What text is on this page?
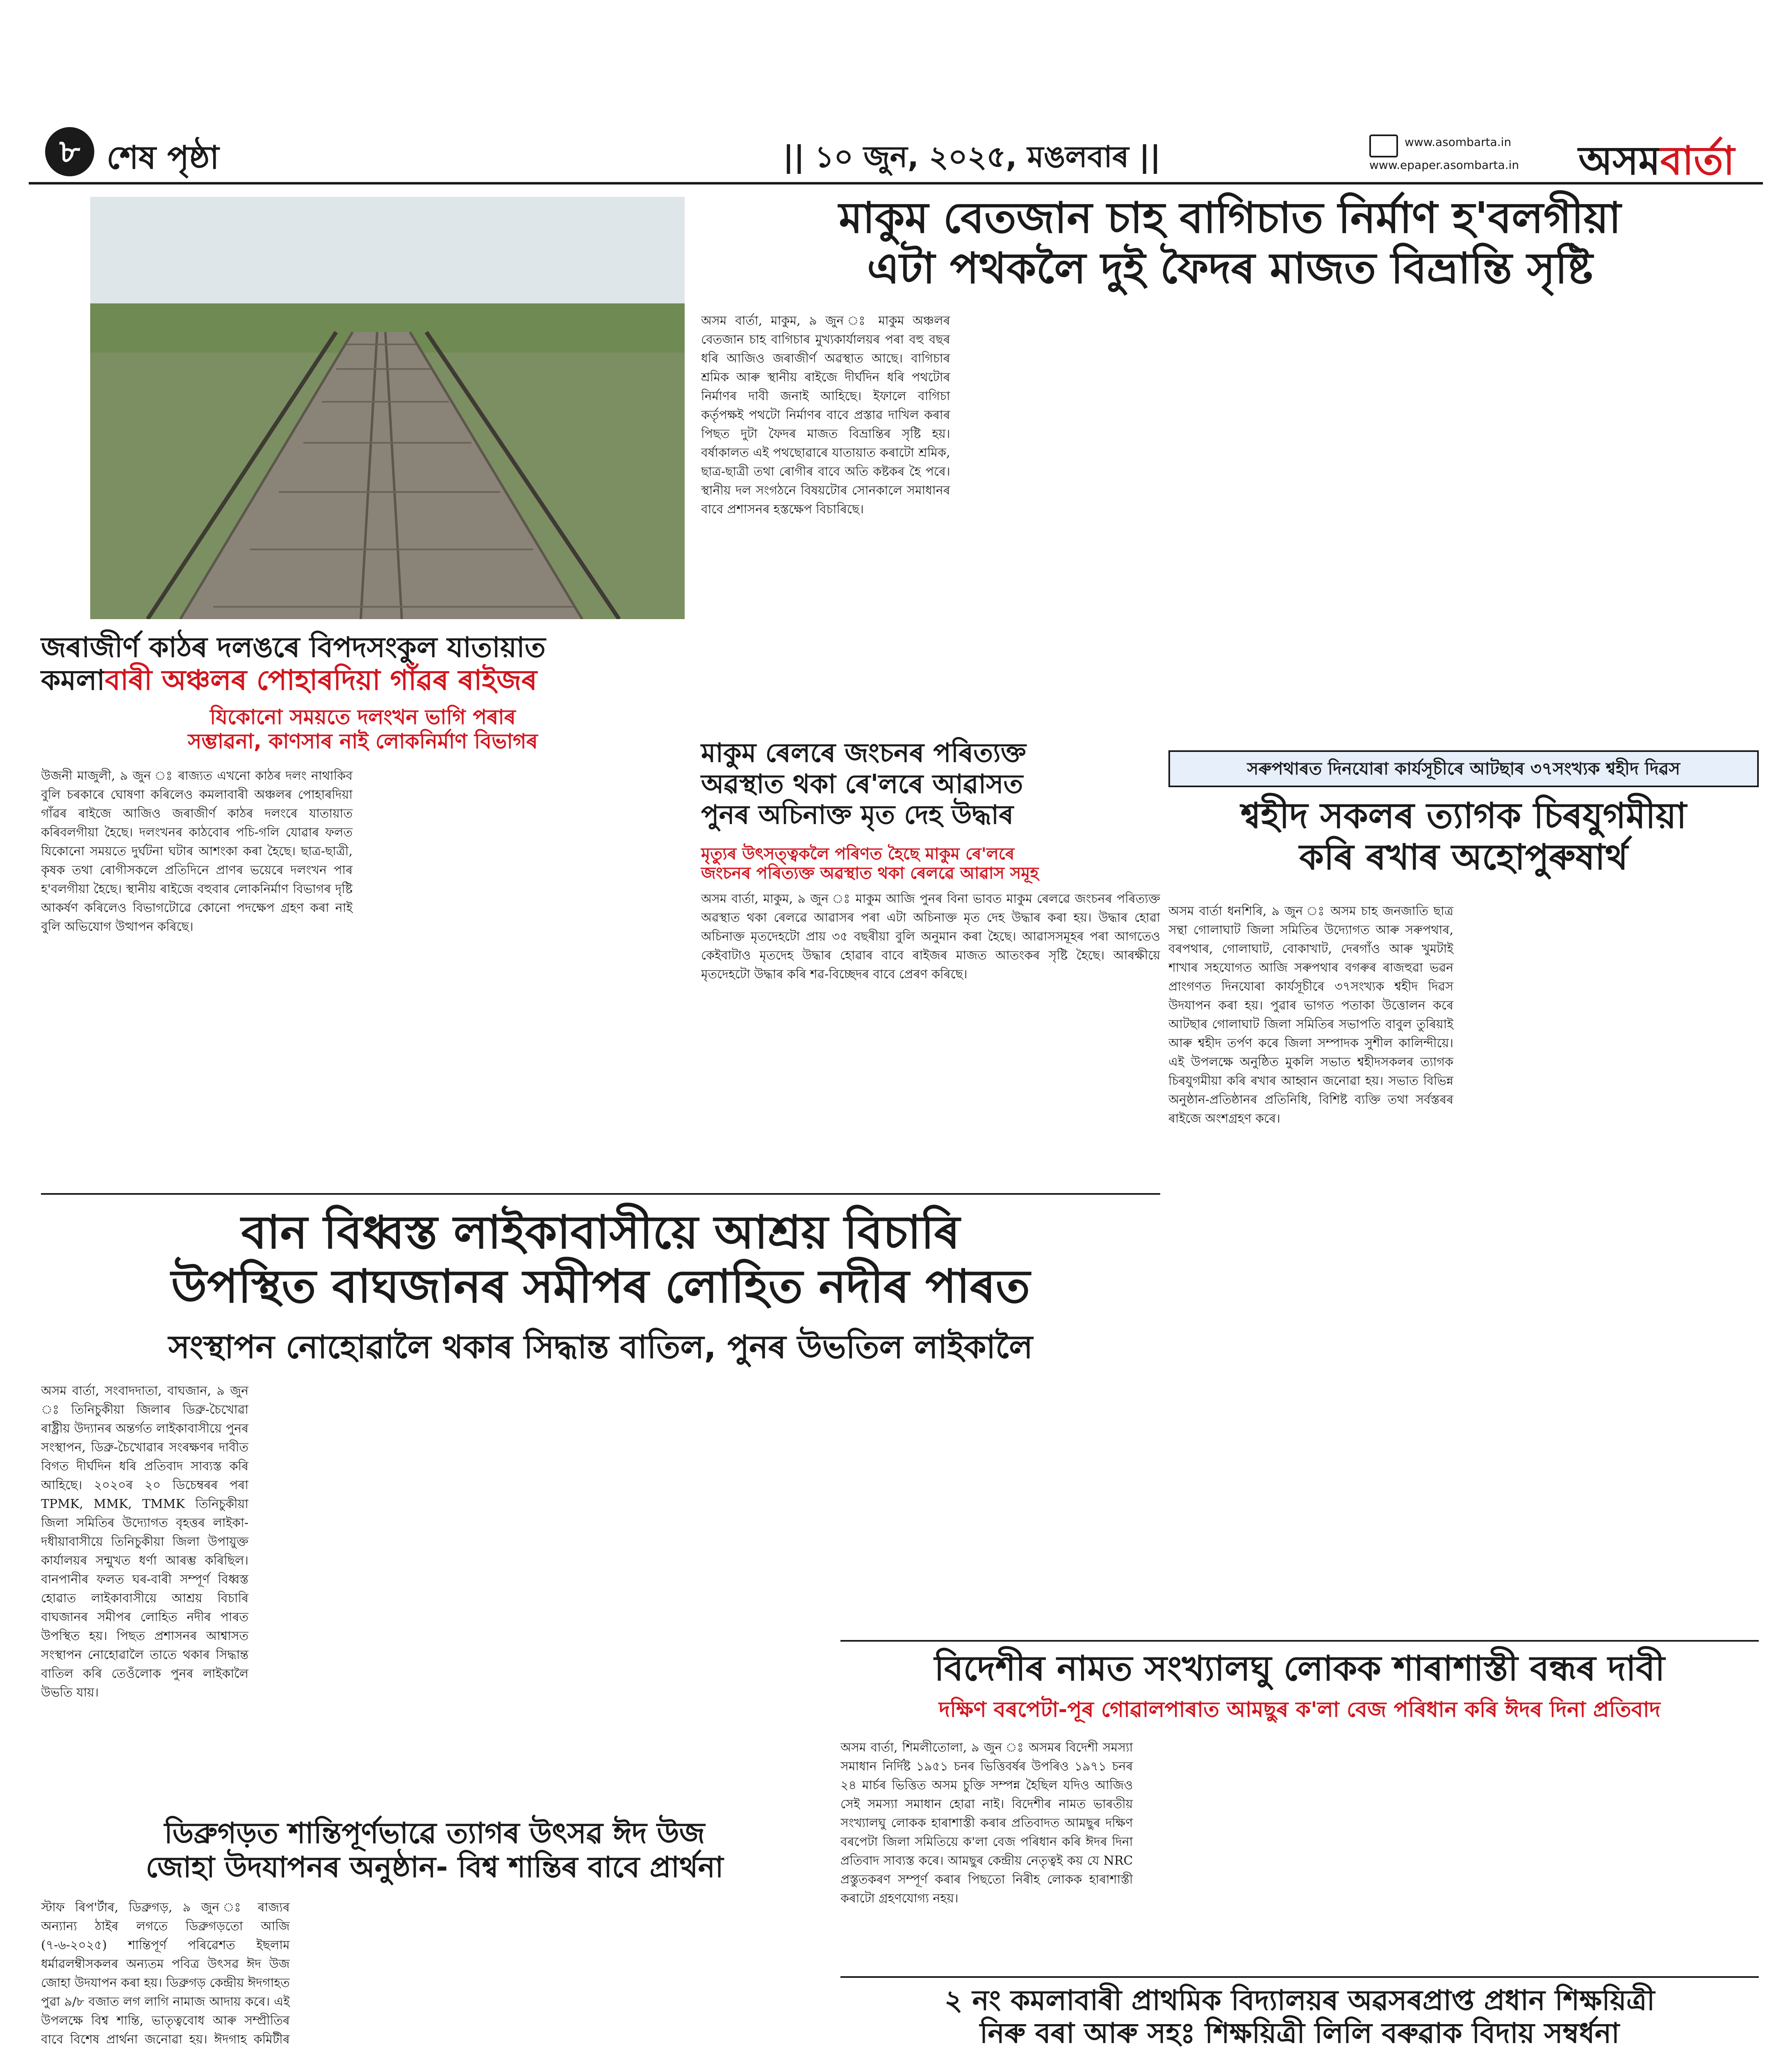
৮ শেষ পৃষ্ঠা	|| ১০ জুন, ২০২৫, মঙলবাৰ ||	www.asombarta.in
www.epaper.asombarta.in অসমবাৰ্তা
মাকুম বেতজান চাহ বাগিচাত নিৰ্মাণ হ'বলগীয়া
এটা পথকলৈ দুই ফৈদৰ মাজত বিভ্ৰান্তি সৃষ্টি
অসম বাৰ্তা, মাকুম, ৯ জুন ঃ মাকুম অঞ্চলৰ বেতজান চাহ বাগিচাৰ মুখ্যকাৰ্যালয়ৰ পৰা বহু বছৰ ধৰি আজিও জৰাজীৰ্ণ অৱস্থাত আছে। বাগিচাৰ শ্ৰমিক আৰু স্থানীয় ৰাইজে দীৰ্ঘদিন ধৰি পথটোৰ নিৰ্মাণৰ দাবী জনাই আহিছে। ইফালে বাগিচা কৰ্তৃপক্ষই পথটো নিৰ্মাণৰ বাবে প্ৰস্তাৱ দাখিল কৰাৰ পিছত দুটা ফৈদৰ মাজত বিভ্ৰান্তিৰ সৃষ্টি হয়। বৰ্ষাকালত এই পথছোৱাৰে যাতায়াত কৰাটো শ্ৰমিক, ছাত্ৰ-ছাত্ৰী তথা ৰোগীৰ বাবে অতি কষ্টকৰ হৈ পৰে। স্থানীয় দল সংগঠনে বিষয়টোৰ সোনকালে সমাধানৰ বাবে প্ৰশাসনৰ হস্তক্ষেপ বিচাৰিছে।
জৰাজীৰ্ণ কাঠৰ দলঙৰে বিপদসংকুল যাতায়াত
কমলাবাৰী অঞ্চলৰ পোহাৰদিয়া গাঁৱৰ ৰাইজৰ
যিকোনো সময়তে দলংখন ভাগি পৰাৰ
সম্ভাৱনা, কাণসাৰ নাই লোকনিৰ্মাণ বিভাগৰ
উজনী মাজুলী, ৯ জুন ঃ ৰাজ্যত এখনো কাঠৰ দলং নাথাকিব বুলি চৰকাৰে ঘোষণা কৰিলেও কমলাবাৰী অঞ্চলৰ পোহাৰদিয়া গাঁৱৰ ৰাইজে আজিও জৰাজীৰ্ণ কাঠৰ দলংৰে যাতায়াত কৰিবলগীয়া হৈছে। দলংখনৰ কাঠবোৰ পচি-গলি যোৱাৰ ফলত যিকোনো সময়তে দুৰ্ঘটনা ঘটাৰ আশংকা কৰা হৈছে। ছাত্ৰ-ছাত্ৰী, কৃষক তথা ৰোগীসকলে প্ৰতিদিনে প্ৰাণৰ ভয়েৰে দলংখন পাৰ হ'বলগীয়া হৈছে। স্থানীয় ৰাইজে বহুবাৰ লোকনিৰ্মাণ বিভাগৰ দৃষ্টি আকৰ্ষণ কৰিলেও বিভাগটোৱে কোনো পদক্ষেপ গ্ৰহণ কৰা নাই বুলি অভিযোগ উত্থাপন কৰিছে।
মাকুম ৰেলৰে জংচনৰ পৰিত্যক্ত
অৱস্থাত থকা ৰে'লৰে আৱাসত
পুনৰ অচিনাক্ত মৃত দেহ উদ্ধাৰ
মৃত্যুৰ উৎসত্ত্বকলৈ পৰিণত হৈছে মাকুম ৰে'লৰে
জংচনৰ পৰিত্যক্ত অৱস্থাত থকা ৰেলৱে আৱাস সমূহ
অসম বাৰ্তা, মাকুম, ৯ জুন ঃ মাকুম আজি পুনৰ বিনা ভাবত মাকুম ৰেলৱে জংচনৰ পৰিত্যক্ত অৱস্থাত থকা ৰেলৱে আৱাসৰ পৰা এটা অচিনাক্ত মৃত দেহ উদ্ধাৰ কৰা হয়। উদ্ধাৰ হোৱা অচিনাক্ত মৃতদেহটো প্ৰায় ৩৫ বছৰীয়া বুলি অনুমান কৰা হৈছে। আৱাসসমূহৰ পৰা আগতেও কেইবাটাও মৃতদেহ উদ্ধাৰ হোৱাৰ বাবে ৰাইজৰ মাজত আতংকৰ সৃষ্টি হৈছে। আৰক্ষীয়ে মৃতদেহটো উদ্ধাৰ কৰি শৱ-বিচ্ছেদৰ বাবে প্ৰেৰণ কৰিছে।
সৰুপথাৰত দিনযোৰা কাৰ্যসূচীৰে আটছাৰ ৩৭সংখ্যক শ্বহীদ দিৱস
শ্বহীদ সকলৰ ত্যাগক চিৰযুগমীয়া
কৰি ৰখাৰ অহোপুৰুষাৰ্থ
অসম বাৰ্তা ধনশিৰি, ৯ জুন ঃ অসম চাহ জনজাতি ছাত্ৰ সন্থা গোলাঘাট জিলা সমিতিৰ উদ্যোগত আৰু সৰুপথাৰ, বৰপথাৰ, গোলাঘাট, বোকাখাট, দেৰগাঁও আৰু খুমটাই শাখাৰ সহযোগত আজি সৰুপথাৰ বগৰুৰ ৰাজহুৱা ভৱন প্ৰাংগণত দিনযোৰা কাৰ্যসূচীৰে ৩৭সংখ্যক শ্বহীদ দিৱস উদযাপন কৰা হয়। পুৱাৰ ভাগত পতাকা উত্তোলন কৰে আটছাৰ গোলাঘাট জিলা সমিতিৰ সভাপতি বাবুল তুৰিয়াই আৰু শ্বহীদ তৰ্পণ কৰে জিলা সম্পাদক সুশীল কালিন্দীয়ে। এই উপলক্ষে অনুষ্ঠিত মুকলি সভাত শ্বহীদসকলৰ ত্যাগক চিৰযুগমীয়া কৰি ৰখাৰ আহ্বান জনোৱা হয়। সভাত বিভিন্ন অনুষ্ঠান-প্ৰতিষ্ঠানৰ প্ৰতিনিধি, বিশিষ্ট ব্যক্তি তথা সৰ্বস্তৰৰ ৰাইজে অংশগ্ৰহণ কৰে।
বান বিধ্বস্ত লাইকাবাসীয়ে আশ্ৰয় বিচাৰি
উপস্থিত বাঘজানৰ সমীপৰ লোহিত নদীৰ পাৰত
সংস্থাপন নোহোৱালৈ থকাৰ সিদ্ধান্ত বাতিল, পুনৰ উভতিল লাইকালৈ
অসম বাৰ্তা, সংবাদদাতা, বাঘজান, ৯ জুন ঃ তিনিচুকীয়া জিলাৰ ডিব্ৰু-চৈখোৱা ৰাষ্ট্ৰীয় উদ্যানৰ অন্তৰ্গত লাইকাবাসীয়ে পুনৰ সংস্থাপন, ডিব্ৰু-চৈখোৱাৰ সংৰক্ষণৰ দাবীত বিগত দীৰ্ঘদিন ধৰি প্ৰতিবাদ সাব্যস্ত কৰি আহিছে। ২০২০ৰ ২০ ডিচেম্বৰৰ পৰা TPMK, MMK, TMMK তিনিচুকীয়া জিলা সমিতিৰ উদ্যোগত বৃহত্তৰ লাইকা-দধীয়াবাসীয়ে তিনিচুকীয়া জিলা উপায়ুক্ত কাৰ্যালয়ৰ সন্মুখত ধৰ্ণা আৰম্ভ কৰিছিল। বানপানীৰ ফলত ঘৰ-বাৰী সম্পূৰ্ণ বিধ্বস্ত হোৱাত লাইকাবাসীয়ে আশ্ৰয় বিচাৰি বাঘজানৰ সমীপৰ লোহিত নদীৰ পাৰত উপস্থিত হয়। পিছত প্ৰশাসনৰ আশ্বাসত সংস্থাপন নোহোৱালৈ তাতে থকাৰ সিদ্ধান্ত বাতিল কৰি তেওঁলোক পুনৰ লাইকালৈ উভতি যায়।
বিদেশীৰ নামত সংখ্যালঘু লোকক শাৰাশাস্তী বন্ধৰ দাবী
দক্ষিণ বৰপেটা-পূৰ গোৱালপাৰাত আমছুৰ ক'লা বেজ পৰিধান কৰি ঈদৰ দিনা প্ৰতিবাদ
অসম বাৰ্তা, শিমলীতোলা, ৯ জুন ঃ অসমৰ বিদেশী সমস্যা সমাধান নিৰ্দিষ্ট ১৯৫১ চনৰ ভিত্তিবৰ্ষৰ উপৰিও ১৯৭১ চনৰ ২৪ মাৰ্চৰ ভিত্তিত অসম চুক্তি সম্পন্ন হৈছিল যদিও আজিও সেই সমস্যা সমাধান হোৱা নাই। বিদেশীৰ নামত ভাৰতীয় সংখ্যালঘু লোকক হাৰাশাস্তী কৰাৰ প্ৰতিবাদত আমছুৰ দক্ষিণ বৰপেটা জিলা সমিতিয়ে ক'লা বেজ পৰিধান কৰি ঈদৰ দিনা প্ৰতিবাদ সাব্যস্ত কৰে। আমছুৰ কেন্দ্ৰীয় নেতৃত্বই কয় যে NRC প্ৰস্তুতকৰণ সম্পূৰ্ণ কৰাৰ পিছতো নিৰীহ লোকক হাৰাশাস্তী কৰাটো গ্ৰহণযোগ্য নহয়।
ডিব্ৰুগড়ত শান্তিপূৰ্ণভাৱে ত্যাগৰ উৎসৱ ঈদ উজ
জোহা উদযাপনৰ অনুষ্ঠান- বিশ্ব শান্তিৰ বাবে প্ৰাৰ্থনা
স্টাফ ৰিপ'ৰ্টাৰ, ডিব্ৰুগড়, ৯ জুন ঃ ৰাজ্যৰ অন্যান্য ঠাইৰ লগতে ডিব্ৰুগড়তো আজি (৭-৬-২০২৫) শান্তিপূৰ্ণ পৰিৱেশত ইছলাম ধৰ্মাৱলম্বীসকলৰ অন্যতম পবিত্ৰ উৎসৱ ঈদ উজ জোহা উদযাপন কৰা হয়। ডিব্ৰুগড় কেন্দ্ৰীয় ঈদগাহত পুৱা ৯/৮ বজাত লগ লাগি নামাজ আদায় কৰে। এই উপলক্ষে বিশ্ব শান্তি, ভাতৃত্ববোধ আৰু সম্প্ৰীতিৰ বাবে বিশেষ প্ৰাৰ্থনা জনোৱা হয়। ঈদগাহ কমিটীৰ
২ নং কমলাবাৰী প্ৰাথমিক বিদ্যালয়ৰ অৱসৰপ্ৰাপ্ত প্ৰধান শিক্ষয়িত্ৰী
নিৰু বৰা আৰু সহঃ শিক্ষয়িত্ৰী লিলি বৰুৱাক বিদায় সম্বৰ্ধনা
